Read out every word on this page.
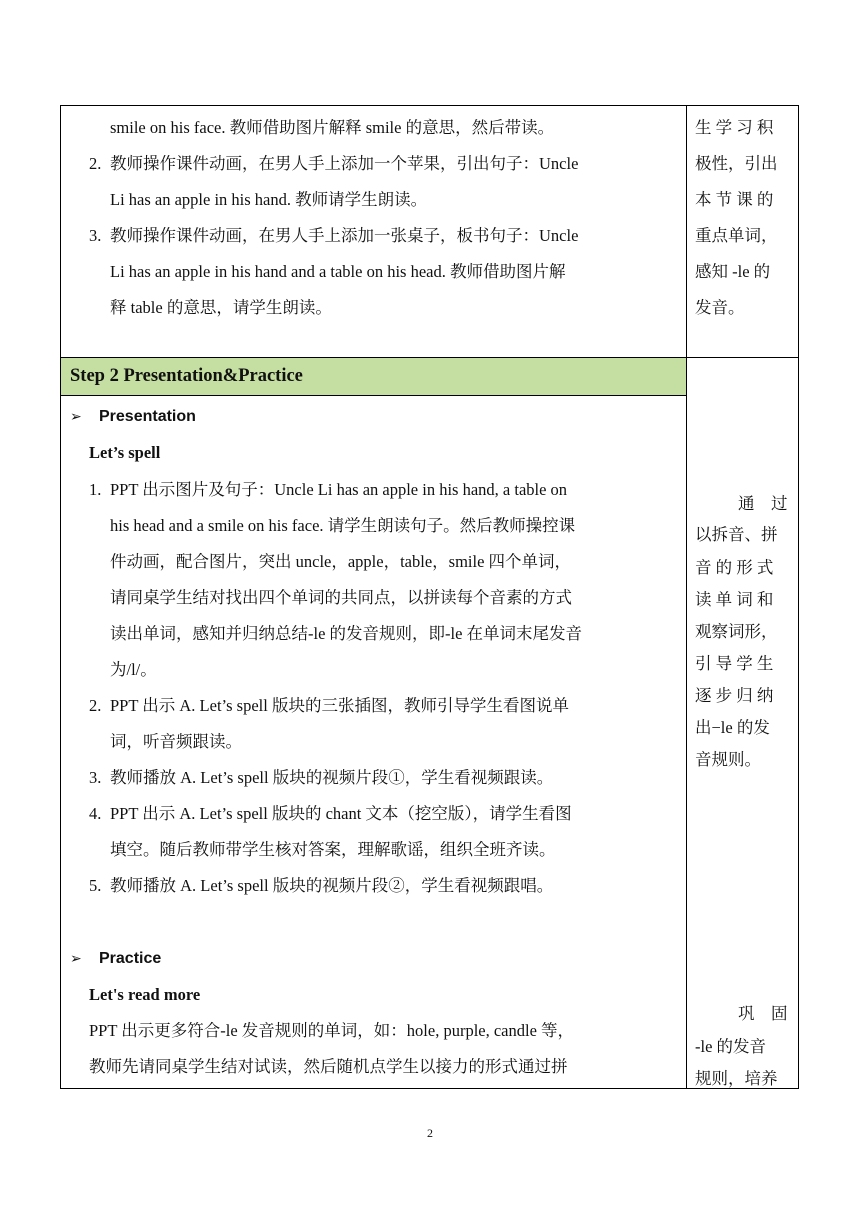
smile on his face. 教师借助图片解释 smile 的意思，然后带读。
2. 教师操作课件动画，在男人手上添加一个苹果，引出句子：Uncle
Li has an apple in his hand. 教师请学生朗读。
3. 教师操作课件动画，在男人手上添加一张桌子，板书句子：Uncle
Li has an apple in his hand and a table on his head. 教师借助图片解
释 table 的意思，请学生朗读。
生 学 习 积
极性，引出
本 节 课 的
重点单词，
感知 -le 的
发音。
Step 2 Presentation&Practice
➢ Presentation
Let’s spell
1. PPT 出示图片及句子：Uncle Li has an apple in his hand, a table on
his head and a smile on his face. 请学生朗读句子。然后教师操控课
件动画，配合图片，突出 uncle，apple，table，smile 四个单词，
请同桌学生结对找出四个单词的共同点，以拼读每个音素的方式
读出单词，感知并归纳总结-le 的发音规则，即-le 在单词末尾发音
为/l/。
2. PPT 出示 A. Let’s spell 版块的三张插图，教师引导学生看图说单
词，听音频跟读。
3. 教师播放 A. Let’s spell 版块的视频片段①，学生看视频跟读。
4. PPT 出示 A. Let’s spell 版块的 chant 文本（挖空版），请学生看图
填空。随后教师带学生核对答案，理解歌谣，组织全班齐读。
5. 教师播放 A. Let’s spell 版块的视频片段②，学生看视频跟唱。
➢ Practice
Let's read more
PPT 出示更多符合-le 发音规则的单词，如：hole, purple, candle 等，
教师先请同桌学生结对试读，然后随机点学生以接力的形式通过拼
通　过
以拆音、拼
音 的 形 式
读 单 词 和
观察词形，
引 导 学 生
逐 步 归 纳
出−le 的发
音规则。
巩　固
-le 的发音
规则，培养
2
